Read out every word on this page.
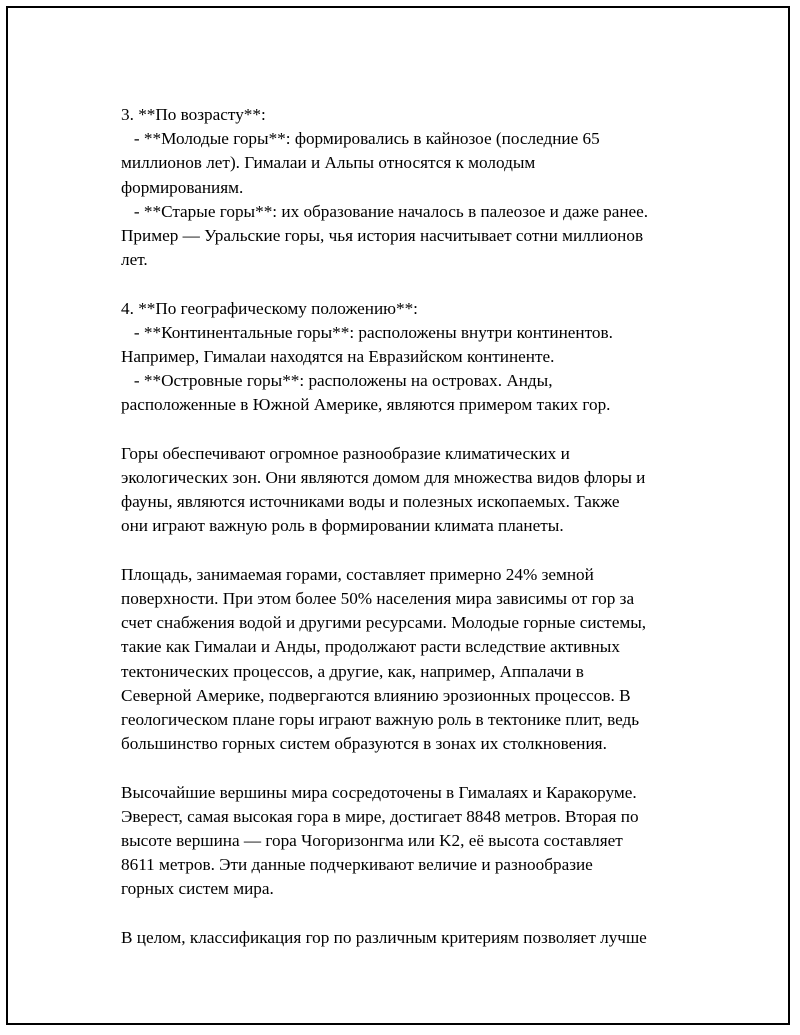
3. **По возрасту**:

- **Молодые горы**: формировались в кайнозое (последние 65

миллионов лет). Гималаи и Альпы относятся к молодым

формированиям.

- **Старые горы**: их образование началось в палеозое и даже ранее.

Пример — Уральские горы, чья история насчитывает сотни миллионов

лет.

4. **По географическому положению**:

- **Континентальные горы**: расположены внутри континентов.

Например, Гималаи находятся на Евразийском континенте.

- **Островные горы**: расположены на островах. Анды,

расположенные в Южной Америке, являются примером таких гор.

Горы обеспечивают огромное разнообразие климатических и

экологических зон. Они являются домом для множества видов флоры и

фауны, являются источниками воды и полезных ископаемых. Также

они играют важную роль в формировании климата планеты.

Площадь, занимаемая горами, составляет примерно 24% земной

поверхности. При этом более 50% населения мира зависимы от гор за

счет снабжения водой и другими ресурсами. Молодые горные системы,

такие как Гималаи и Анды, продолжают расти вследствие активных

тектонических процессов, а другие, как, например, Аппалачи в

Северной Америке, подвергаются влиянию эрозионных процессов. В

геологическом плане горы играют важную роль в тектонике плит, ведь

большинство горных систем образуются в зонах их столкновения.

Высочайшие вершины мира сосредоточены в Гималаях и Каракоруме.

Эверест, самая высокая гора в мире, достигает 8848 метров. Вторая по

высоте вершина — гора Чогоризонгма или K2, её высота составляет

8611 метров. Эти данные подчеркивают величие и разнообразие

горных систем мира.

В целом, классификация гор по различным критериям позволяет лучше
